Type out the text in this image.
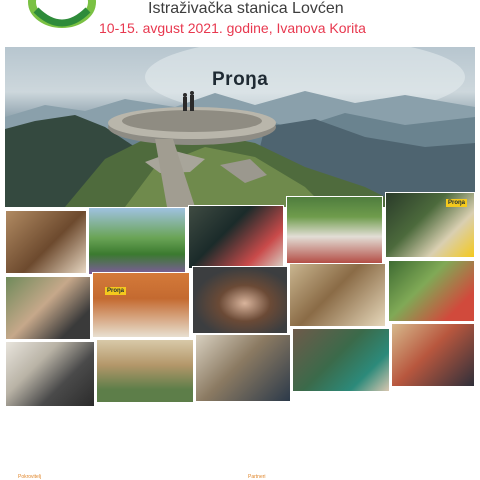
Istraživačka stanica Lovćen
10-15. avgust 2021. godine, Ivanova Korita
Proŋa
Proŋa
Proŋa
Pokrovitelj	Partneri
